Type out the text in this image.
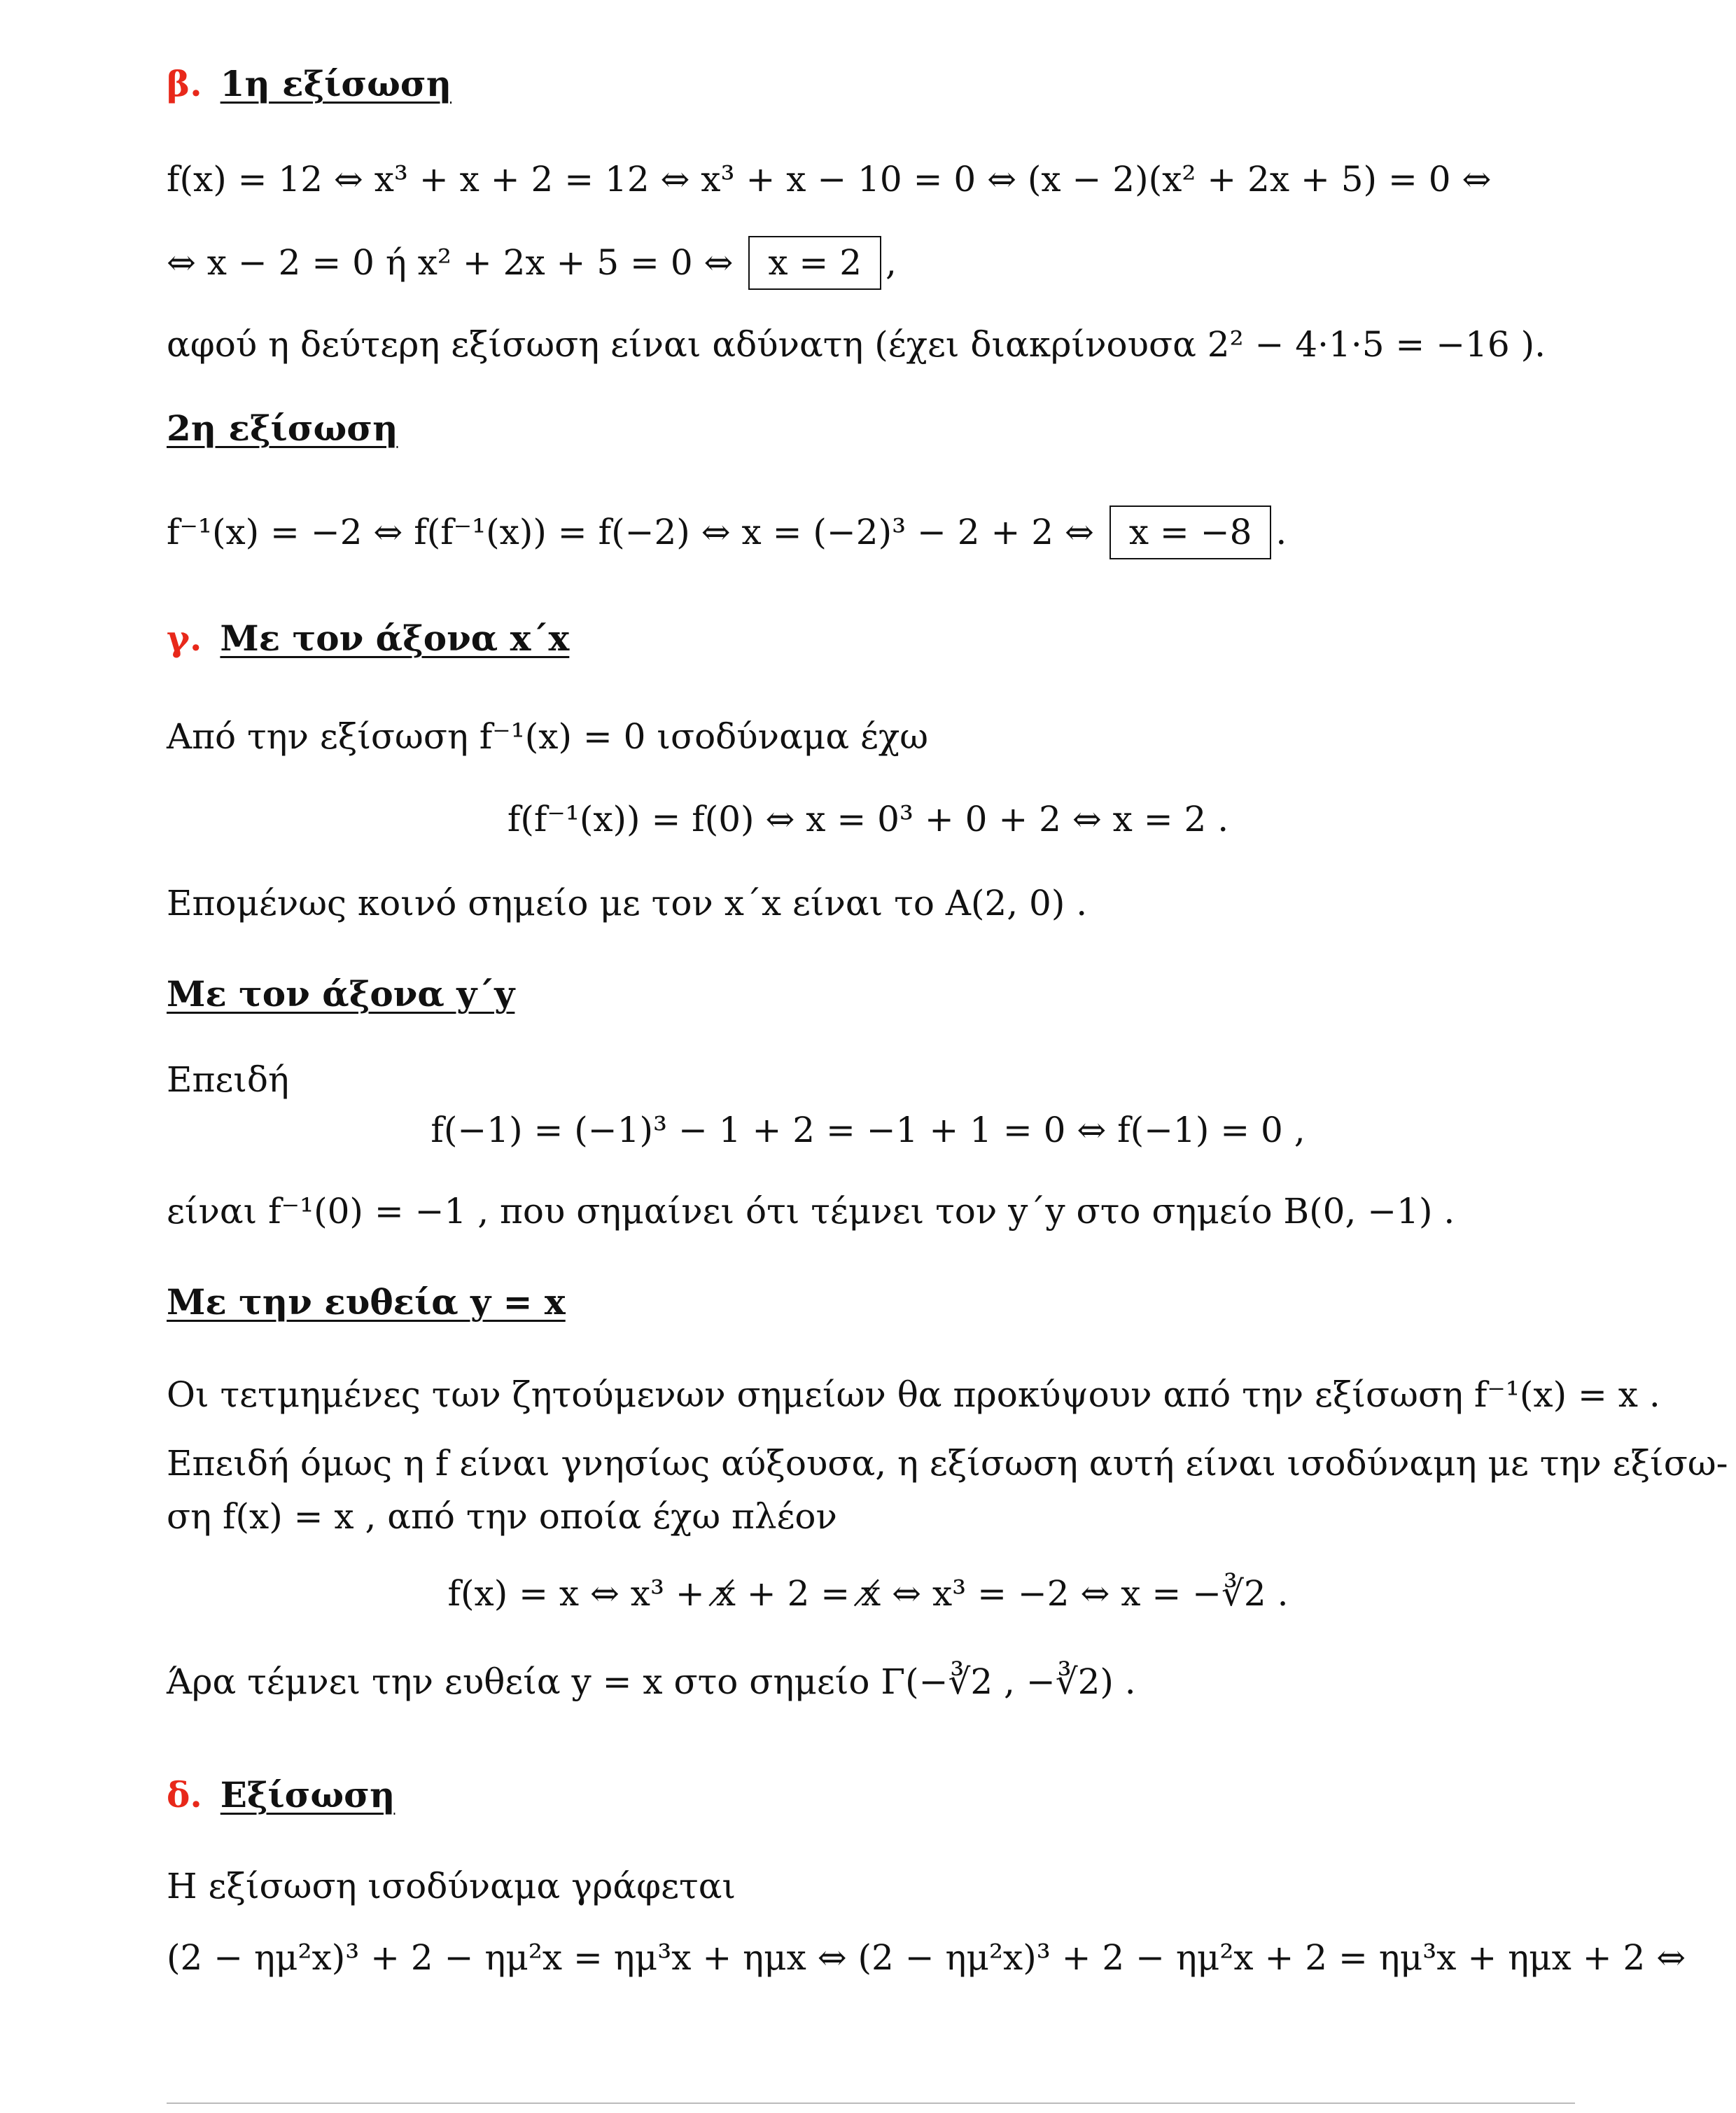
β. 1η εξίσωση
f(x) = 12 ⇔ x³ + x + 2 = 12 ⇔ x³ + x − 10 = 0 ⇔ (x − 2)(x² + 2x + 5) = 0 ⇔
⇔ x − 2 = 0 ή x² + 2x + 5 = 0 ⇔ x = 2 ,
αφού η δεύτερη εξίσωση είναι αδύνατη (έχει διακρίνουσα 2² − 4·1·5 = −16 ).
2η εξίσωση
f⁻¹(x) = −2 ⇔ f(f⁻¹(x)) = f(−2) ⇔ x = (−2)³ − 2 + 2 ⇔ x = −8 .
γ. Με τον άξονα x΄x
Από την εξίσωση f⁻¹(x) = 0 ισοδύναμα έχω
f(f⁻¹(x)) = f(0) ⇔ x = 0³ + 0 + 2 ⇔ x = 2 .
Επομένως κοινό σημείο με τον x΄x είναι το A(2, 0) .
Με τον άξονα y΄y
Επειδή
f(−1) = (−1)³ − 1 + 2 = −1 + 1 = 0 ⇔ f(−1) = 0 ,
είναι f⁻¹(0) = −1 , που σημαίνει ότι τέμνει τον y΄y στο σημείο B(0, −1) .
Με την ευθεία y = x
Οι τετμημένες των ζητούμενων σημείων θα προκύψουν από την εξίσωση f⁻¹(x) = x .
Επειδή όμως η f είναι γνησίως αύξουσα, η εξίσωση αυτή είναι ισοδύναμη με την εξίσω-
ση f(x) = x , από την οποία έχω πλέον
f(x) = x ⇔ x³ + x̸ + 2 = x̸ ⇔ x³ = −2 ⇔ x = −∛2 .
Άρα τέμνει την ευθεία y = x στο σημείο Γ(−∛2 , −∛2) .
δ. Εξίσωση
Η εξίσωση ισοδύναμα γράφεται
(2 − ημ²x)³ + 2 − ημ²x = ημ³x + ημx ⇔ (2 − ημ²x)³ + 2 − ημ²x + 2 = ημ³x + ημx + 2 ⇔
